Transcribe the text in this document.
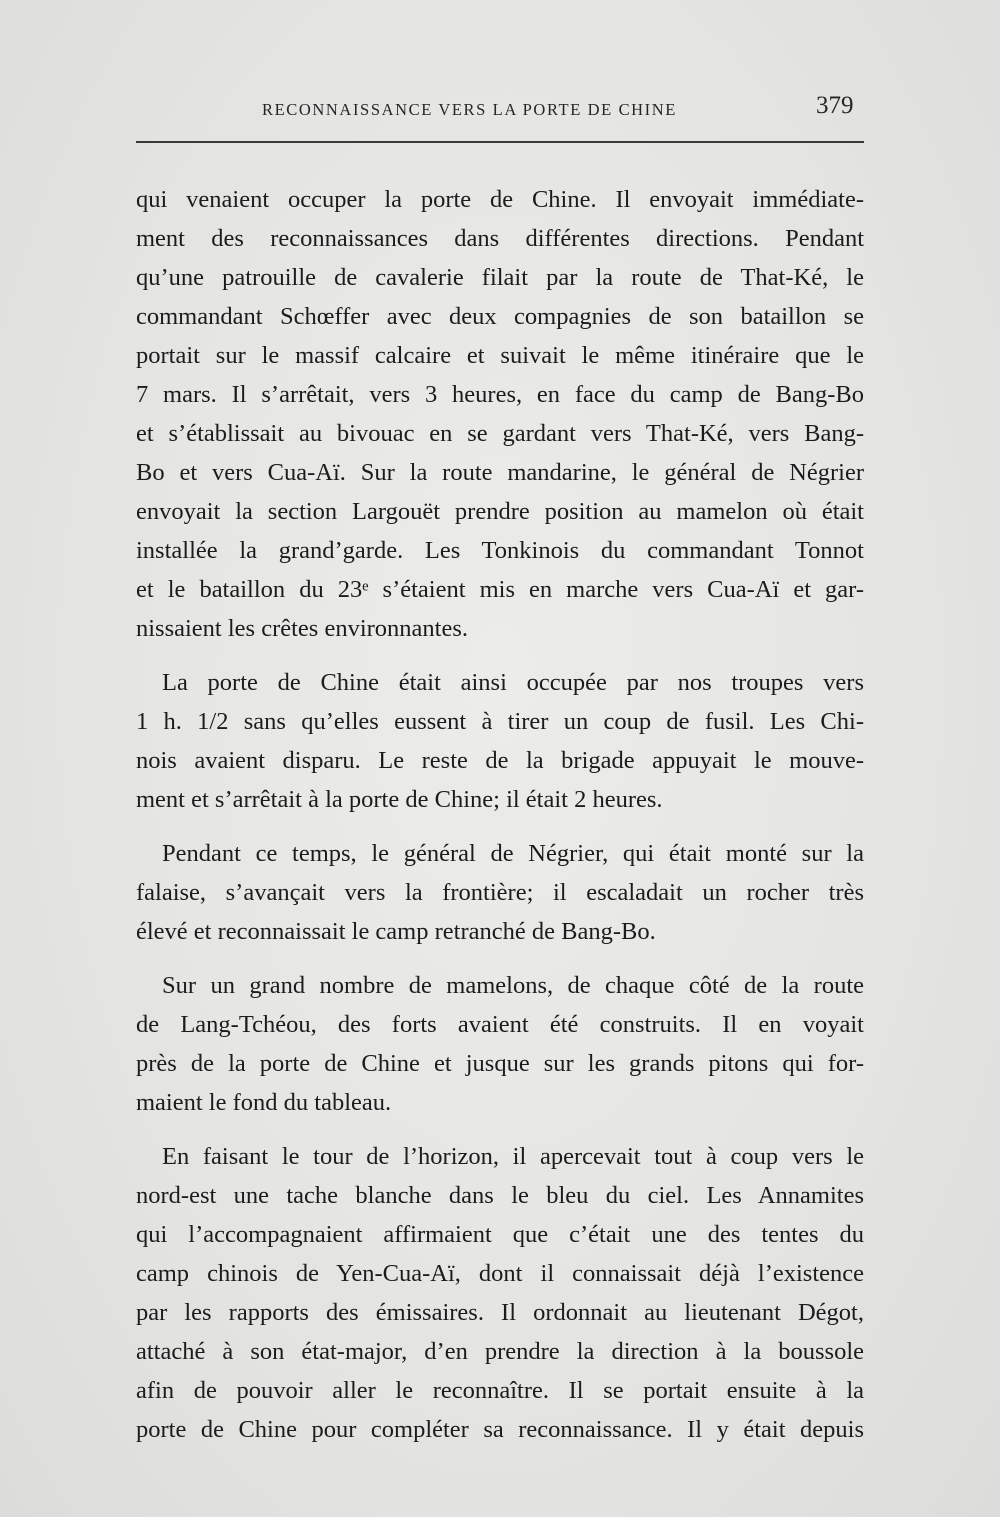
RECONNAISSANCE VERS LA PORTE DE CHINE	379

qui venaient occuper la porte de Chine. Il envoyait immédiate-
ment des reconnaissances dans différentes directions. Pendant
qu’une patrouille de cavalerie filait par la route de That-Ké, le
commandant Schœffer avec deux compagnies de son bataillon se
portait sur le massif calcaire et suivait le même itinéraire que le
7 mars. Il s’arrêtait, vers 3 heures, en face du camp de Bang-Bo
et s’établissait au bivouac en se gardant vers That-Ké, vers Bang-
Bo et vers Cua-Aï. Sur la route mandarine, le général de Négrier
envoyait la section Largouët prendre position au mamelon où était
installée la grand’garde. Les Tonkinois du commandant Tonnot
et le bataillon du 23ᵉ s’étaient mis en marche vers Cua-Aï et gar-
nissaient les crêtes environnantes.

La porte de Chine était ainsi occupée par nos troupes vers
1 h. 1/2 sans qu’elles eussent à tirer un coup de fusil. Les Chi-
nois avaient disparu. Le reste de la brigade appuyait le mouve-
ment et s’arrêtait à la porte de Chine; il était 2 heures.

Pendant ce temps, le général de Négrier, qui était monté sur la
falaise, s’avançait vers la frontière; il escaladait un rocher très
élevé et reconnaissait le camp retranché de Bang-Bo.

Sur un grand nombre de mamelons, de chaque côté de la route
de Lang-Tchéou, des forts avaient été construits. Il en voyait
près de la porte de Chine et jusque sur les grands pitons qui for-
maient le fond du tableau.

En faisant le tour de l’horizon, il apercevait tout à coup vers le
nord-est une tache blanche dans le bleu du ciel. Les Annamites
qui l’accompagnaient affirmaient que c’était une des tentes du
camp chinois de Yen-Cua-Aï, dont il connaissait déjà l’existence
par les rapports des émissaires. Il ordonnait au lieutenant Dégot,
attaché à son état-major, d’en prendre la direction à la boussole
afin de pouvoir aller le reconnaître. Il se portait ensuite à la
porte de Chine pour compléter sa reconnaissance. Il y était depuis
